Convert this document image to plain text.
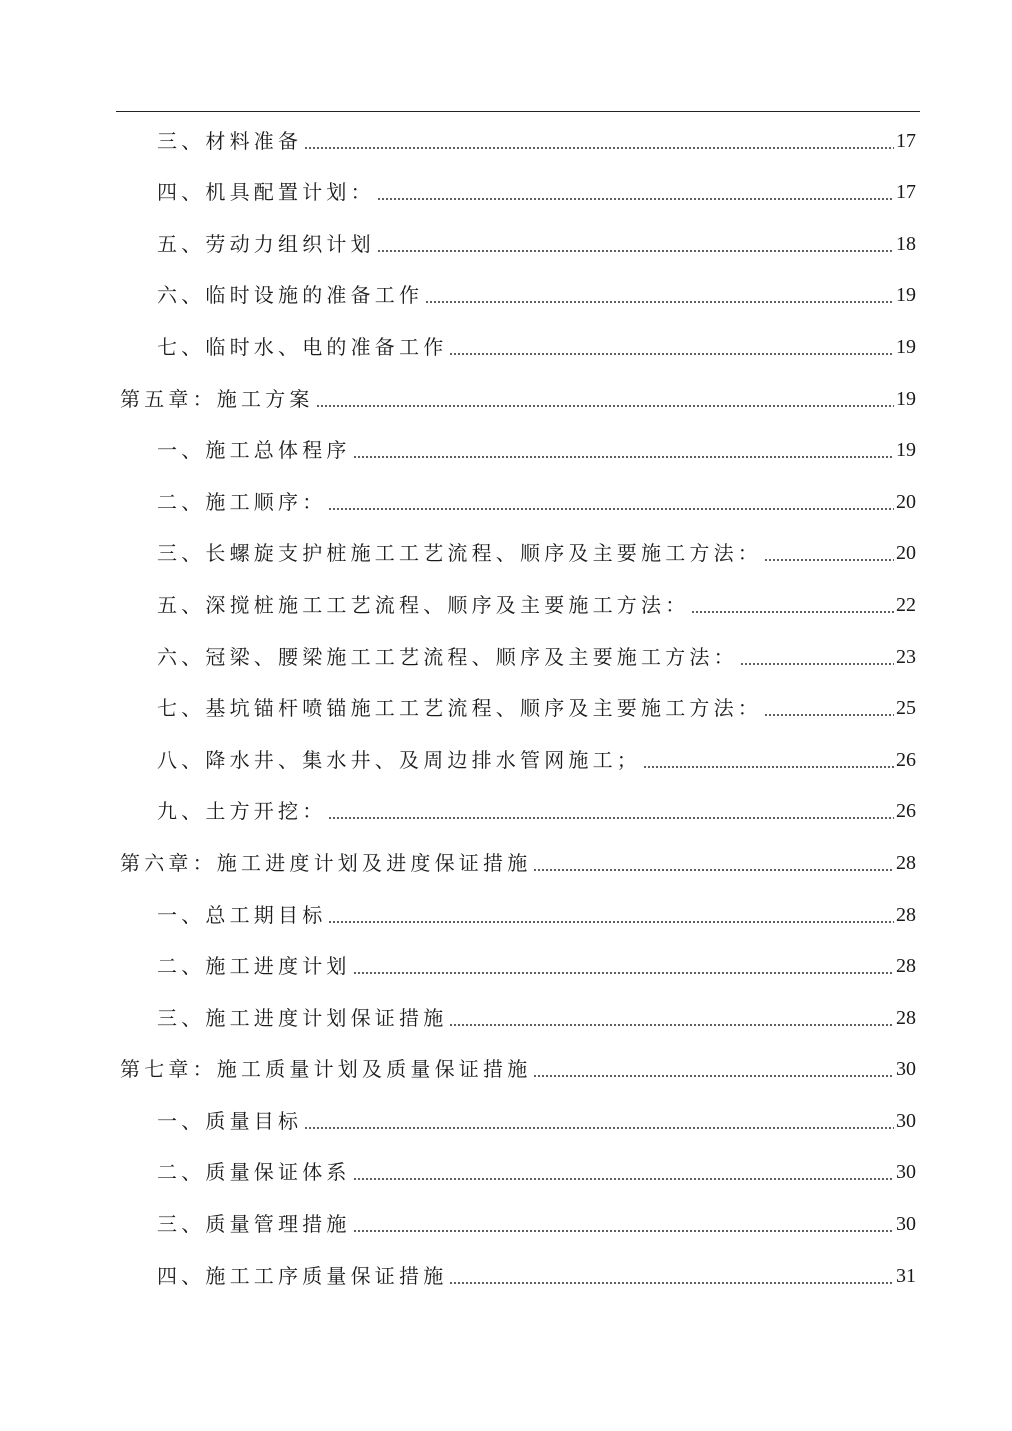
三、材料准备	17
四、机具配置计划：	17
五、劳动力组织计划	18
六、临时设施的准备工作	19
七、临时水、电的准备工作	19
第五章：施工方案	19
一、施工总体程序	19
二、施工顺序：	20
三、长螺旋支护桩施工工艺流程、顺序及主要施工方法：	20
五、深搅桩施工工艺流程、顺序及主要施工方法：	22
六、冠梁、腰梁施工工艺流程、顺序及主要施工方法：	23
七、基坑锚杆喷锚施工工艺流程、顺序及主要施工方法：	25
八、降水井、集水井、及周边排水管网施工；	26
九、土方开挖：	26
第六章：施工进度计划及进度保证措施	28
一、总工期目标	28
二、施工进度计划	28
三、施工进度计划保证措施	28
第七章：施工质量计划及质量保证措施	30
一、质量目标	30
二、质量保证体系	30
三、质量管理措施	30
四、施工工序质量保证措施	31
